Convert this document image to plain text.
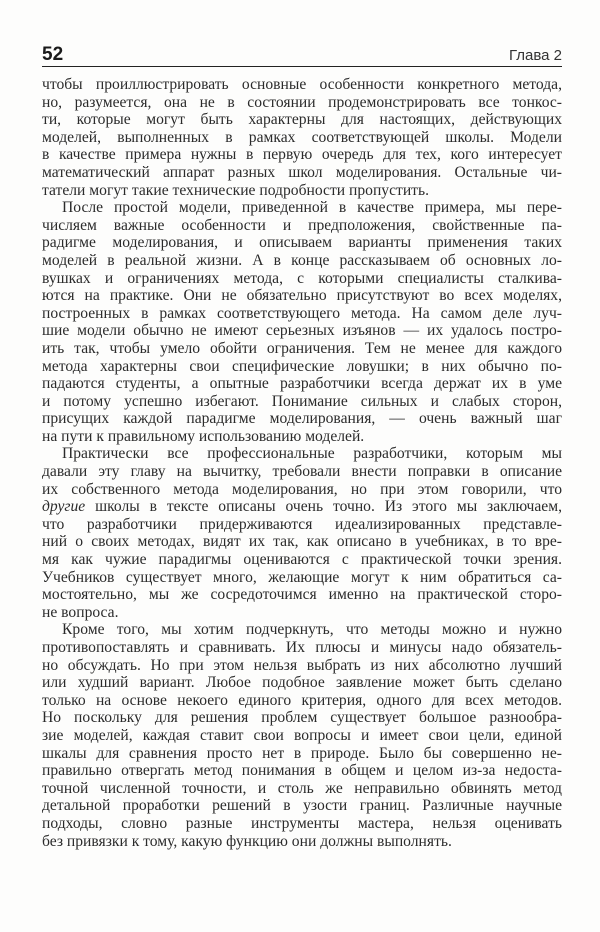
52	Глава 2
чтобы проиллюстрировать основные особенности конкретного метода,
но, разумеется, она не в состоянии продемонстрировать все тонкос-
ти, которые могут быть характерны для настоящих, действующих
моделей, выполненных в рамках соответствующей школы. Модели
в качестве примера нужны в первую очередь для тех, кого интересует
математический аппарат разных школ моделирования. Остальные чи-
татели могут такие технические подробности пропустить.
После простой модели, приведенной в качестве примера, мы пере-
числяем важные особенности и предположения, свойственные па-
радигме моделирования, и описываем варианты применения таких
моделей в реальной жизни. А в конце рассказываем об основных ло-
вушках и ограничениях метода, с которыми специалисты сталкива-
ются на практике. Они не обязательно присутствуют во всех моделях,
построенных в рамках соответствующего метода. На самом деле луч-
шие модели обычно не имеют серьезных изъянов — их удалось постро-
ить так, чтобы умело обойти ограничения. Тем не менее для каждого
метода характерны свои специфические ловушки; в них обычно по-
падаются студенты, а опытные разработчики всегда держат их в уме
и потому успешно избегают. Понимание сильных и слабых сторон,
присущих каждой парадигме моделирования, — очень важный шаг
на пути к правильному использованию моделей.
Практически все профессиональные разработчики, которым мы
давали эту главу на вычитку, требовали внести поправки в описание
их собственного метода моделирования, но при этом говорили, что
другие школы в тексте описаны очень точно. Из этого мы заключаем,
что разработчики придерживаются идеализированных представле-
ний о своих методах, видят их так, как описано в учебниках, в то вре-
мя как чужие парадигмы оцениваются с практической точки зрения.
Учебников существует много, желающие могут к ним обратиться са-
мостоятельно, мы же сосредоточимся именно на практической сторо-
не вопроса.
Кроме того, мы хотим подчеркнуть, что методы можно и нужно
противопоставлять и сравнивать. Их плюсы и минусы надо обязатель-
но обсуждать. Но при этом нельзя выбрать из них абсолютно лучший
или худший вариант. Любое подобное заявление может быть сделано
только на основе некоего единого критерия, одного для всех методов.
Но поскольку для решения проблем существует большое разнообра-
зие моделей, каждая ставит свои вопросы и имеет свои цели, единой
шкалы для сравнения просто нет в природе. Было бы совершенно не-
правильно отвергать метод понимания в общем и целом из-за недоста-
точной численной точности, и столь же неправильно обвинять метод
детальной проработки решений в узости границ. Различные научные
подходы, словно разные инструменты мастера, нельзя оценивать
без привязки к тому, какую функцию они должны выполнять.
